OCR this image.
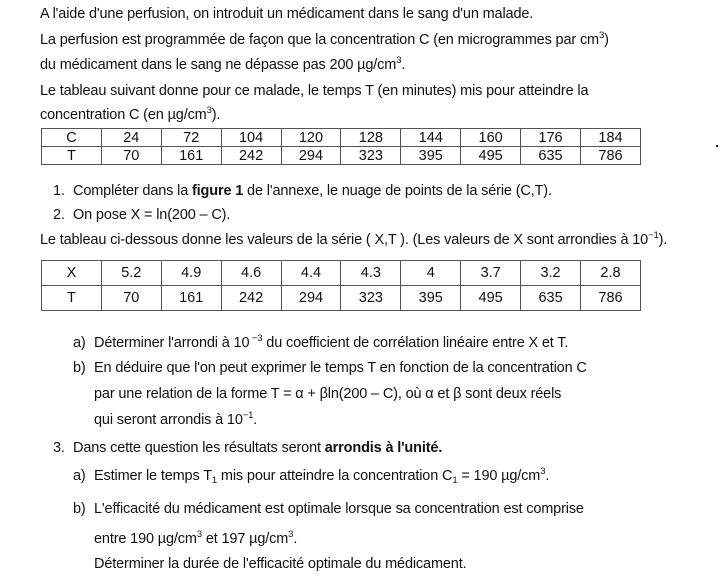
A l'aide d'une perfusion, on introduit un médicament dans le sang d'un malade.
La perfusion est programmée de façon que la concentration C (en microgrammes par $cm^3$)
du médicament dans le sang ne dépasse pas 200 $\mu g/cm^3$.
Le tableau suivant donne pour ce malade, le temps T (en minutes) mis pour atteindre la
concentration C (en $\mu g/cm^3$).
C	24	72	104	120	128	144	160	176	184
T	70	161	242	294	323	395	495	635	786
1. Compléter dans la figure 1 de l'annexe, le nuage de points de la série (C,T).
2. On pose X = ln(200 – C).
Le tableau ci-dessous donne les valeurs de la série ( X,T ). (Les valeurs de X sont arrondies à $10^{-1}$).
X	5.2	4.9	4.6	4.4	4.3	4	3.7	3.2	2.8
T	70	161	242	294	323	395	495	635	786
a) Déterminer l'arrondi à 10 $^{-3}$ du coefficient de corrélation linéaire entre X et T.
b) En déduire que l'on peut exprimer le temps T en fonction de la concentration C
par une relation de la forme T = α + βln(200 – C), où α et β sont deux réels
qui seront arrondis à $10^{-1}$.
3. Dans cette question les résultats seront arrondis à l'unité.
a) Estimer le temps $T_1$ mis pour atteindre la concentration $C_1 = 190$ $\mu g/cm^3$.
b) L'efficacité du médicament est optimale lorsque sa concentration est comprise
entre 190 $\mu g/cm^3$ et 197 $\mu g/cm^3$.
Déterminer la durée de l'efficacité optimale du médicament.
